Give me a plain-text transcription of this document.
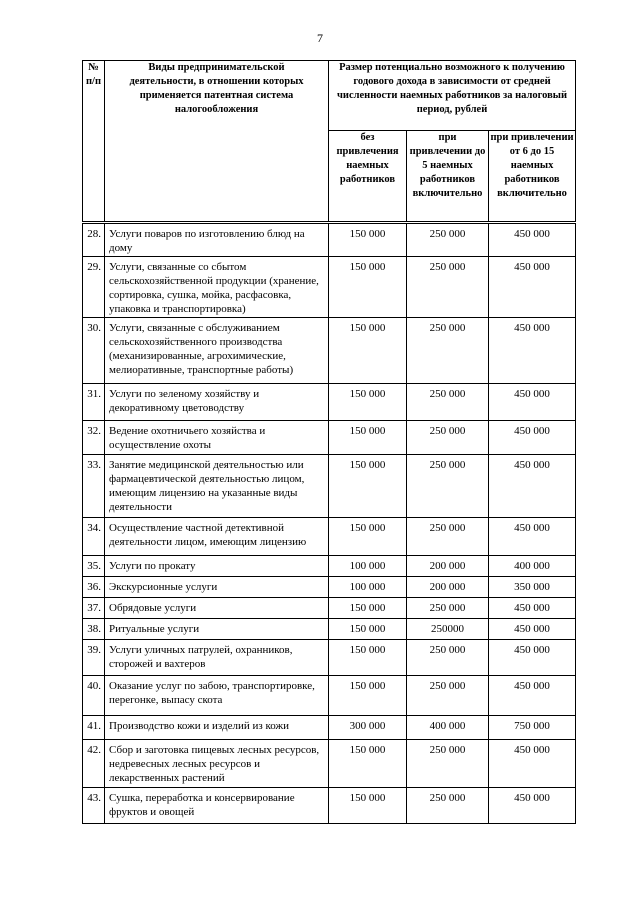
7
№ п/п	Виды предпринимательской деятельности, в отношении которых применяется патентная система налогообложения	Размер потенциально возможного к получению годового дохода в зависимости от средней численности наемных работников за налоговый период, рублей		
		без привлечения наемных работников	при привлечении до 5 наемных работников включительно	при привлечении от 6 до 15 наемных работников включительно
28.	Услуги поваров по изготовлению блюд на дому	150 000	250 000	450 000
29.	Услуги, связанные со сбытом сельскохозяйственной продукции (хранение, сортировка, сушка, мойка, расфасовка, упаковка и транспортировка)	150 000	250 000	450 000
30.	Услуги, связанные с обслуживанием сельскохозяйственного производства (механизированные, агрохимические, мелиоративные, транспортные работы)	150 000	250 000	450 000
31.	Услуги по зеленому хозяйству и декоративному цветоводству	150 000	250 000	450 000
32.	Ведение охотничьего хозяйства и осуществление охоты	150 000	250 000	450 000
33.	Занятие медицинской деятельностью или фармацевтической деятельностью лицом, имеющим лицензию на указанные виды деятельности	150 000	250 000	450 000
34.	Осуществление частной детективной деятельности лицом, имеющим лицензию	150 000	250 000	450 000
35.	Услуги по прокату	100 000	200 000	400 000
36.	Экскурсионные услуги	100 000	200 000	350 000
37.	Обрядовые услуги	150 000	250 000	450 000
38.	Ритуальные услуги	150 000	250000	450 000
39.	Услуги уличных патрулей, охранников, сторожей и вахтеров	150 000	250 000	450 000
40.	Оказание услуг по забою, транспортировке, перегонке, выпасу скота	150 000	250 000	450 000
41.	Производство кожи и изделий из кожи	300 000	400 000	750 000
42.	Сбор и заготовка пищевых лесных ресурсов, недревесных лесных ресурсов и лекарственных растений	150 000	250 000	450 000
43.	Сушка, переработка и консервирование фруктов и овощей	150 000	250 000	450 000
